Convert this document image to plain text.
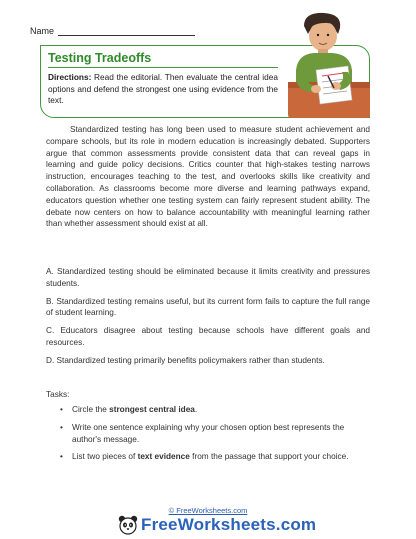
Name
Testing Tradeoffs
Directions: Read the editorial. Then evaluate the central idea options and defend the strongest one using evidence from the text.
Standardized testing has long been used to measure student achievement and compare schools, but its role in modern education is increasingly debated. Supporters argue that common assessments provide consistent data that can reveal gaps in learning and guide policy decisions. Critics counter that high-stakes testing narrows instruction, encourages teaching to the test, and overlooks skills like creativity and collaboration. As classrooms become more diverse and learning pathways expand, educators question whether one testing system can fairly represent student ability. The debate now centers on how to balance accountability with meaningful learning rather than whether assessment should exist at all.
A. Standardized testing should be eliminated because it limits creativity and pressures students.
B. Standardized testing remains useful, but its current form fails to capture the full range of student learning.
C. Educators disagree about testing because schools have different goals and resources.
D. Standardized testing primarily benefits policymakers rather than students.
Tasks:
• Circle the strongest central idea.
• Write one sentence explaining why your chosen option best represents the author's message.
• List two pieces of text evidence from the passage that support your choice.
© FreeWorksheets.com
FreeWorksheets.com
